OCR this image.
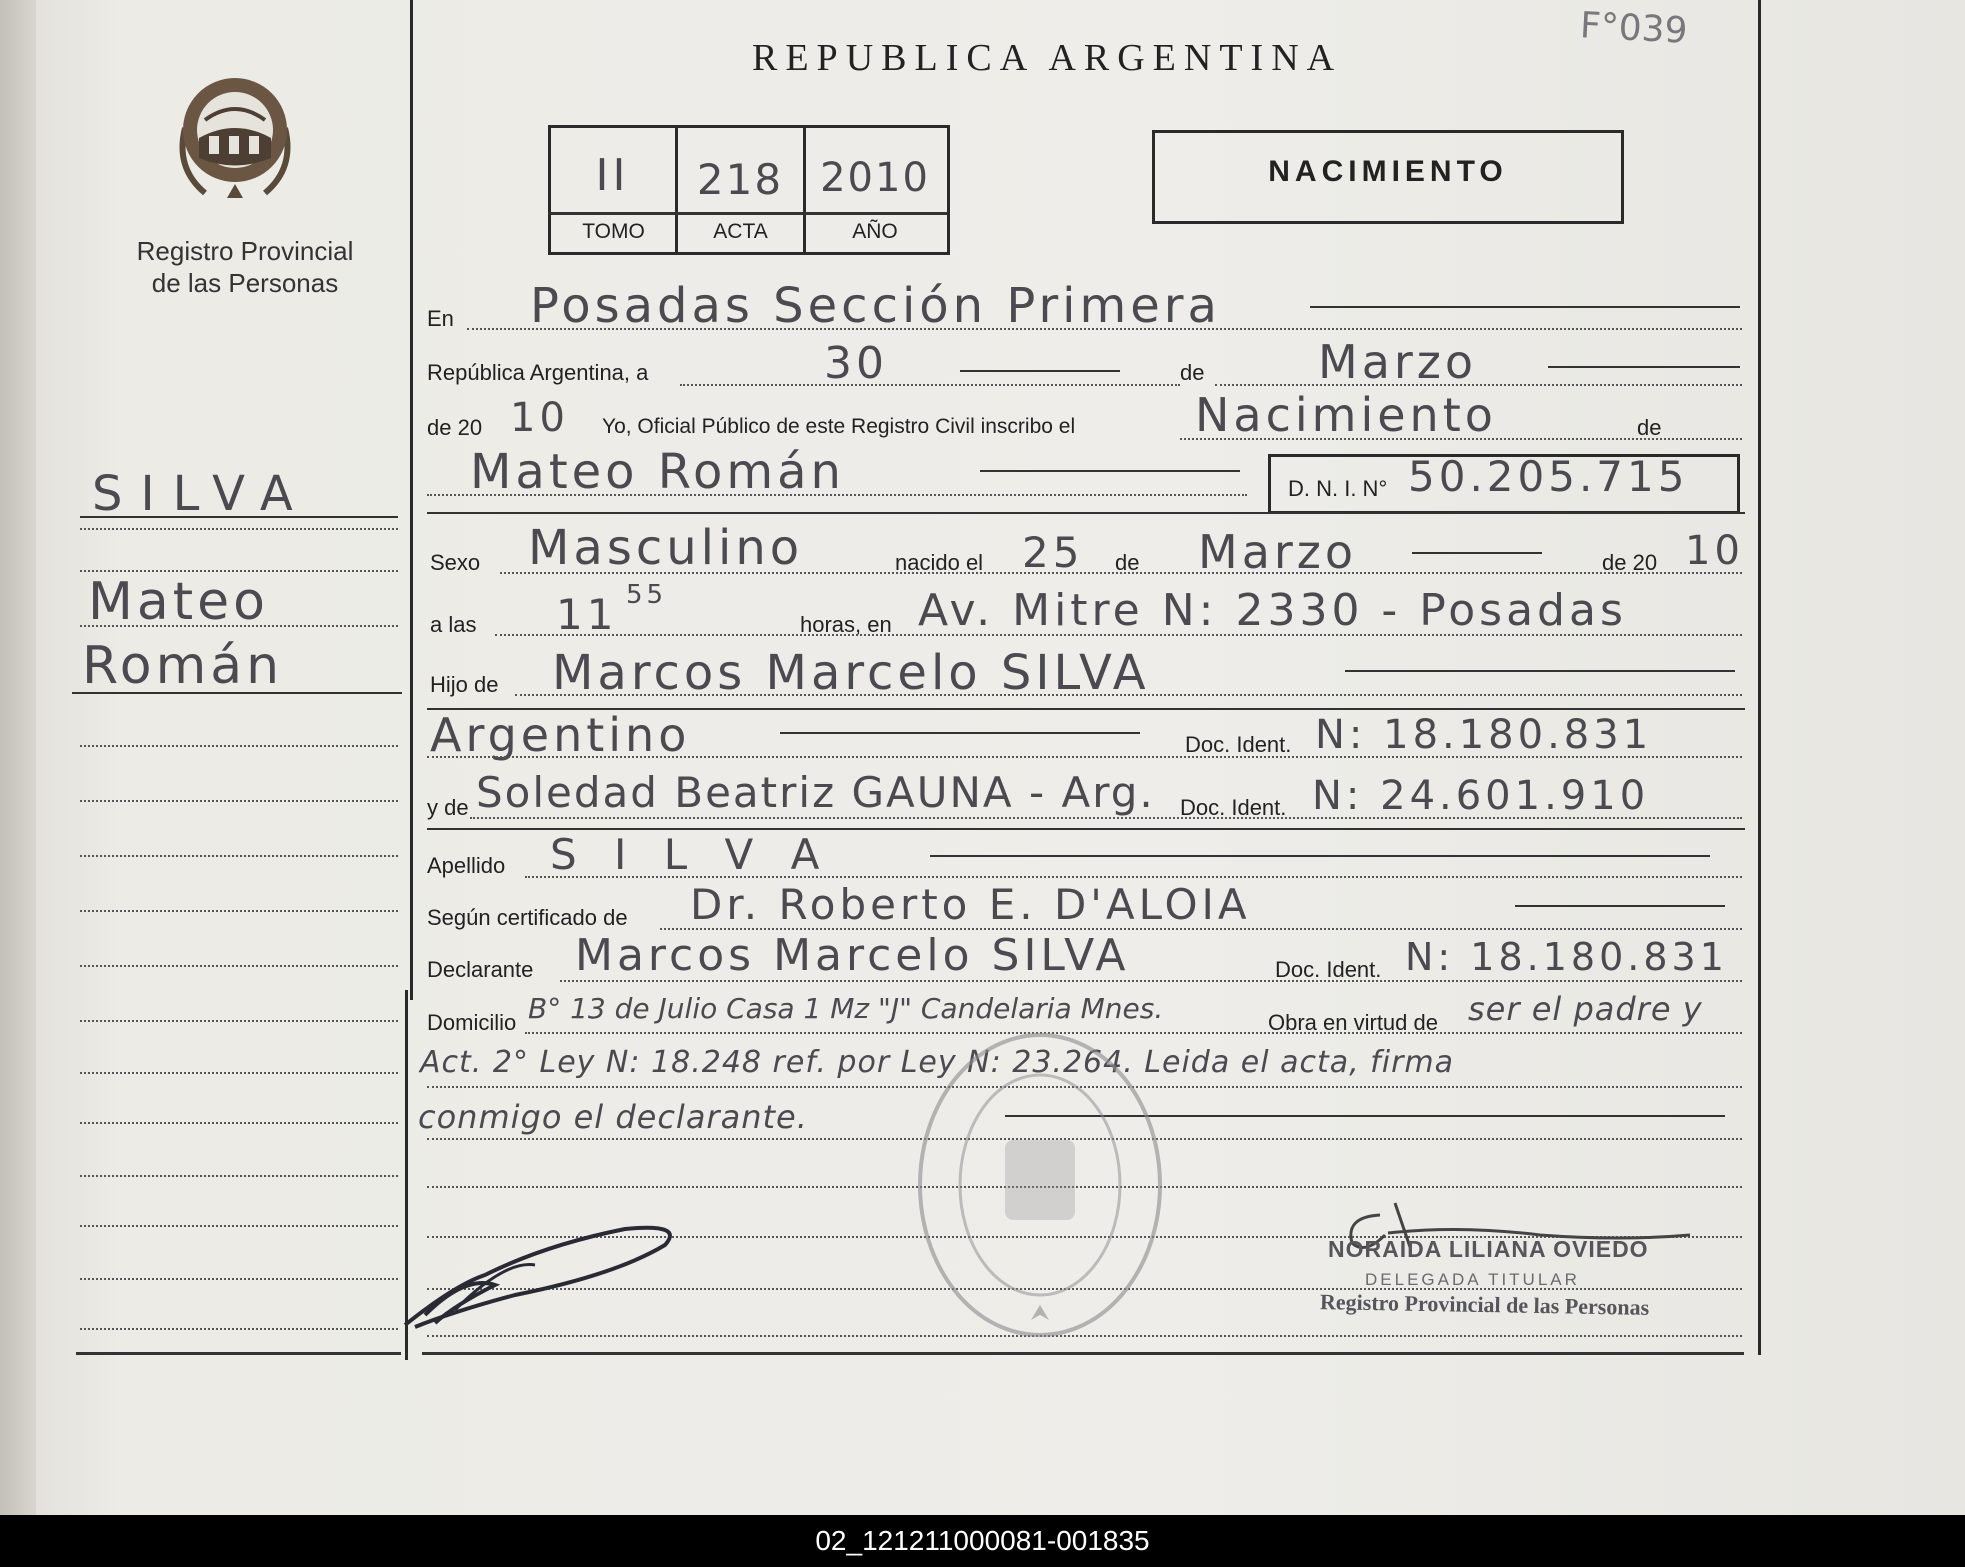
F°039
REPUBLICA ARGENTINA
Registro Provincial
de las Personas
II	218 2010
TOMO	ACTA	AÑO
NACIMIENTO
SILVA
Mateo
Román
En Posadas Sección Primera
República Argentina, a	30	de Marzo
de 20 10 Yo, Oficial Público de este Registro Civil inscribo el	Nacimiento	de
Mateo Román	D. N. I. N° 50.205.715
Sexo Masculino	nacido el 25 de Marzo	de 20 10
a las 11 55
horas, en Av. Mitre N: 2330 - Posadas
Hijo de Marcos Marcelo SILVA
Argentino	Doc. Ident. N: 18.180.831
y de Soledad Beatriz GAUNA - Arg. Doc. Ident. N: 24.601.910
Apellido S I L V A
Según certificado de Dr. Roberto E. D'ALOIA
Declarante Marcos Marcelo SILVA	Doc. Ident. N: 18.180.831
Domicilio B° 13 de Julio Casa 1 Mz "J" Candelaria Mnes.	Obra en virtud de ser el padre y
Act. 2° Ley N: 18.248 ref. por Ley N: 23.264. Leida el acta, firma
conmigo el declarante.
NORAIDA LILIANA OVIEDO
DELEGADA TITULAR
Registro Provincial de las Personas
02_121211000081-001835
